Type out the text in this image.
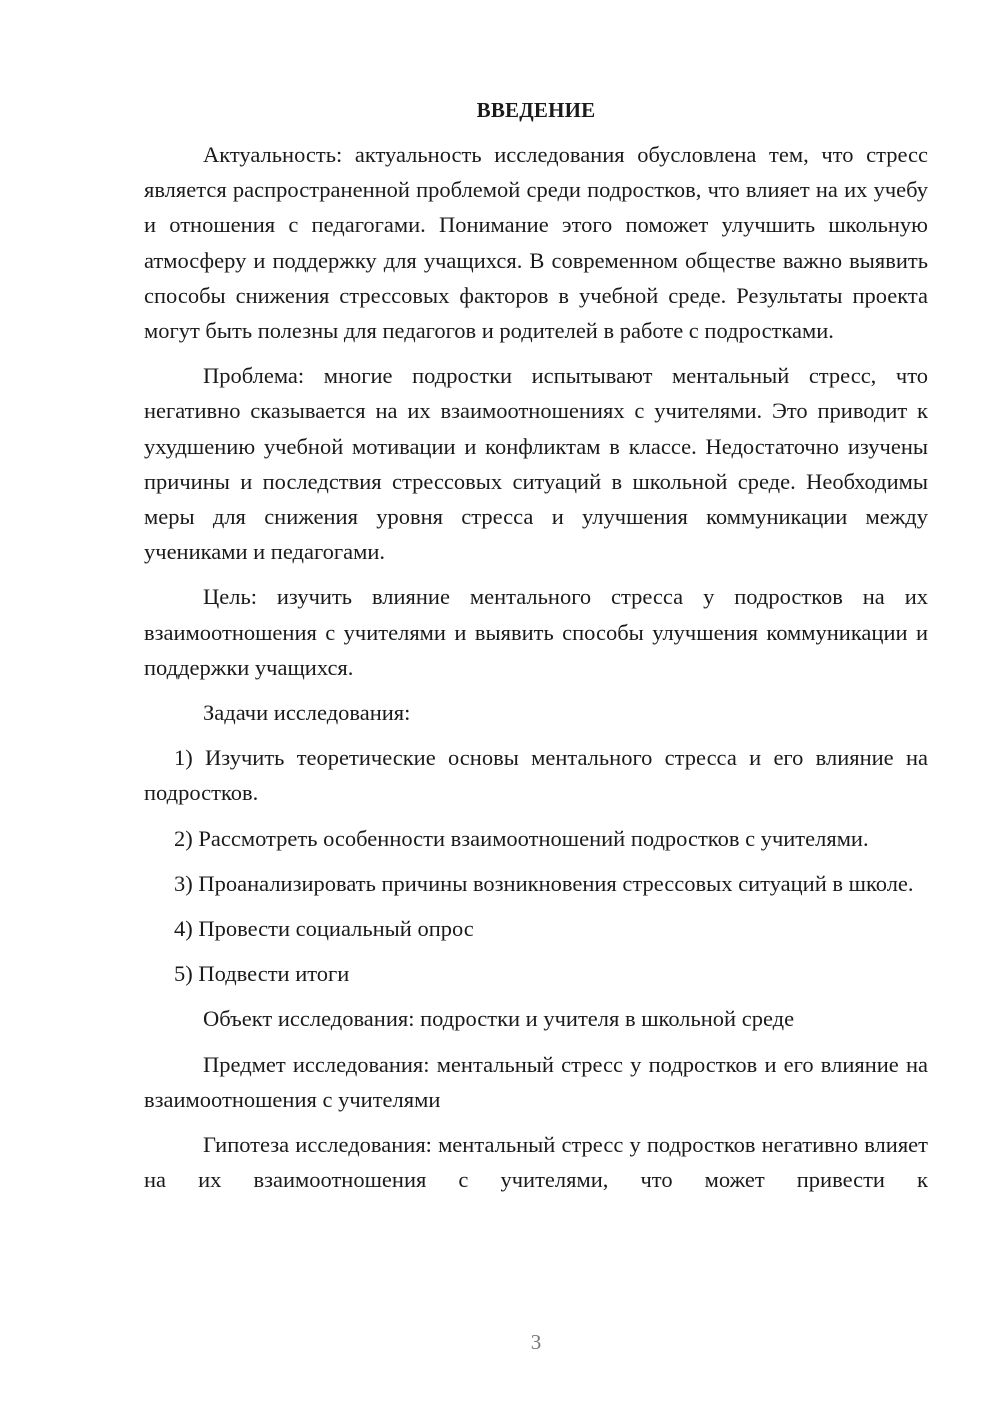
ВВЕДЕНИЕ

Актуальность: актуальность исследования обусловлена тем, что стресс является распространенной проблемой среди подростков, что влияет на их учебу и отношения с педагогами. Понимание этого поможет улучшить школьную атмосферу и поддержку для учащихся. В современном обществе важно выявить способы снижения стрессовых факторов в учебной среде. Результаты проекта могут быть полезны для педагогов и родителей в работе с подростками.

Проблема: многие подростки испытывают ментальный стресс, что негативно сказывается на их взаимоотношениях с учителями. Это приводит к ухудшению учебной мотивации и конфликтам в классе. Недостаточно изучены причины и последствия стрессовых ситуаций в школьной среде. Необходимы меры для снижения уровня стресса и улучшения коммуникации между учениками и педагогами.

Цель: изучить влияние ментального стресса у подростков на их взаимоотношения с учителями и выявить способы улучшения коммуникации и поддержки учащихся.

Задачи исследования:

1) Изучить теоретические основы ментального стресса и его влияние на подростков.

2) Рассмотреть особенности взаимоотношений подростков с учителями.

3) Проанализировать причины возникновения стрессовых ситуаций в школе.

4) Провести социальный опрос

5) Подвести итоги

Объект исследования: подростки и учителя в школьной среде

Предмет исследования: ментальный стресс у подростков и его влияние на взаимоотношения с учителями

Гипотеза исследования: ментальный стресс у подростков негативно влияет на их взаимоотношения с учителями, что может привести к

3
